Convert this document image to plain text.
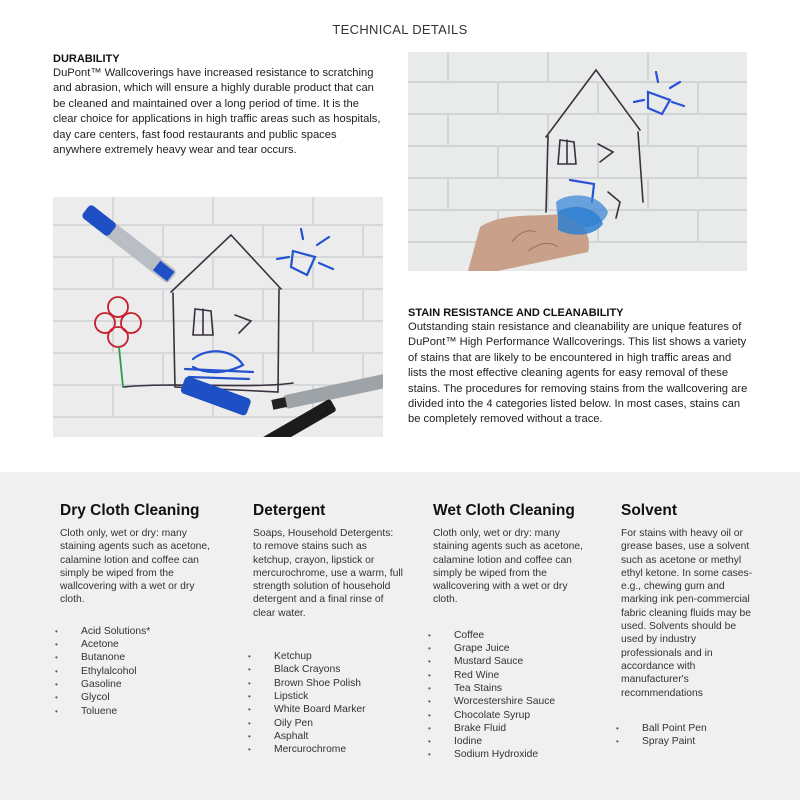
TECHNICAL DETAILS
DURABILITY

DuPont™ Wallcoverings have increased resistance to scratching and abrasion, which will ensure a highly durable product that can be cleaned and maintained over a long period of time. It is the clear choice for applications in high traffic areas such as hospitals, day care centers, fast food restaurants and public spaces anywhere extremely heavy wear and tear occurs.

STAIN RESISTANCE AND CLEANABILITY

Outstanding stain resistance and cleanability are unique features of DuPont™ High Performance Wallcoverings. This list shows a variety of stains that are likely to be encountered in high traffic areas and lists the most effective cleaning agents for easy removal of these stains. The procedures for removing stains from the wallcovering are divided into the 4 categories listed below. In most cases, stains can be completely removed without a trace.

Dry Cloth Cleaning

Cloth only, wet or dry: many staining agents such as acetone, calamine lotion and coffee can simply be wiped from the wallcovering with a wet or dry cloth.

• Acid Solutions*
• Acetone
• Butanone
• Ethylalcohol
• Gasoline
• Glycol
• Toluene
Detergent

Soaps, Household Detergents: to remove stains such as ketchup, crayon, lipstick or mercurochrome, use a warm, full strength solution of household detergent and a final rinse of clear water.

• Ketchup
• Black Crayons
• Brown Shoe Polish
• Lipstick
• White Board Marker
• Oily Pen
• Asphalt
• Mercurochrome
Wet Cloth Cleaning

Cloth only, wet or dry: many staining agents such as acetone, calamine lotion and coffee can simply be wiped from the wallcovering with a wet or dry cloth.

• Coffee
• Grape Juice
• Mustard Sauce
• Red Wine
• Tea Stains
• Worcestershire Sauce
• Chocolate Syrup
• Brake Fluid
• Iodine
• Sodium Hydroxide
Solvent

For stains with heavy oil or grease bases, use a solvent such as acetone or methyl ethyl ketone. In some cases-e.g., chewing gum and marking ink pen-commercial fabric cleaning fluids may be used. Solvents should be used by industry professionals and in accordance with manufacturer's recommendations

• Ball Point Pen
• Spray Paint
